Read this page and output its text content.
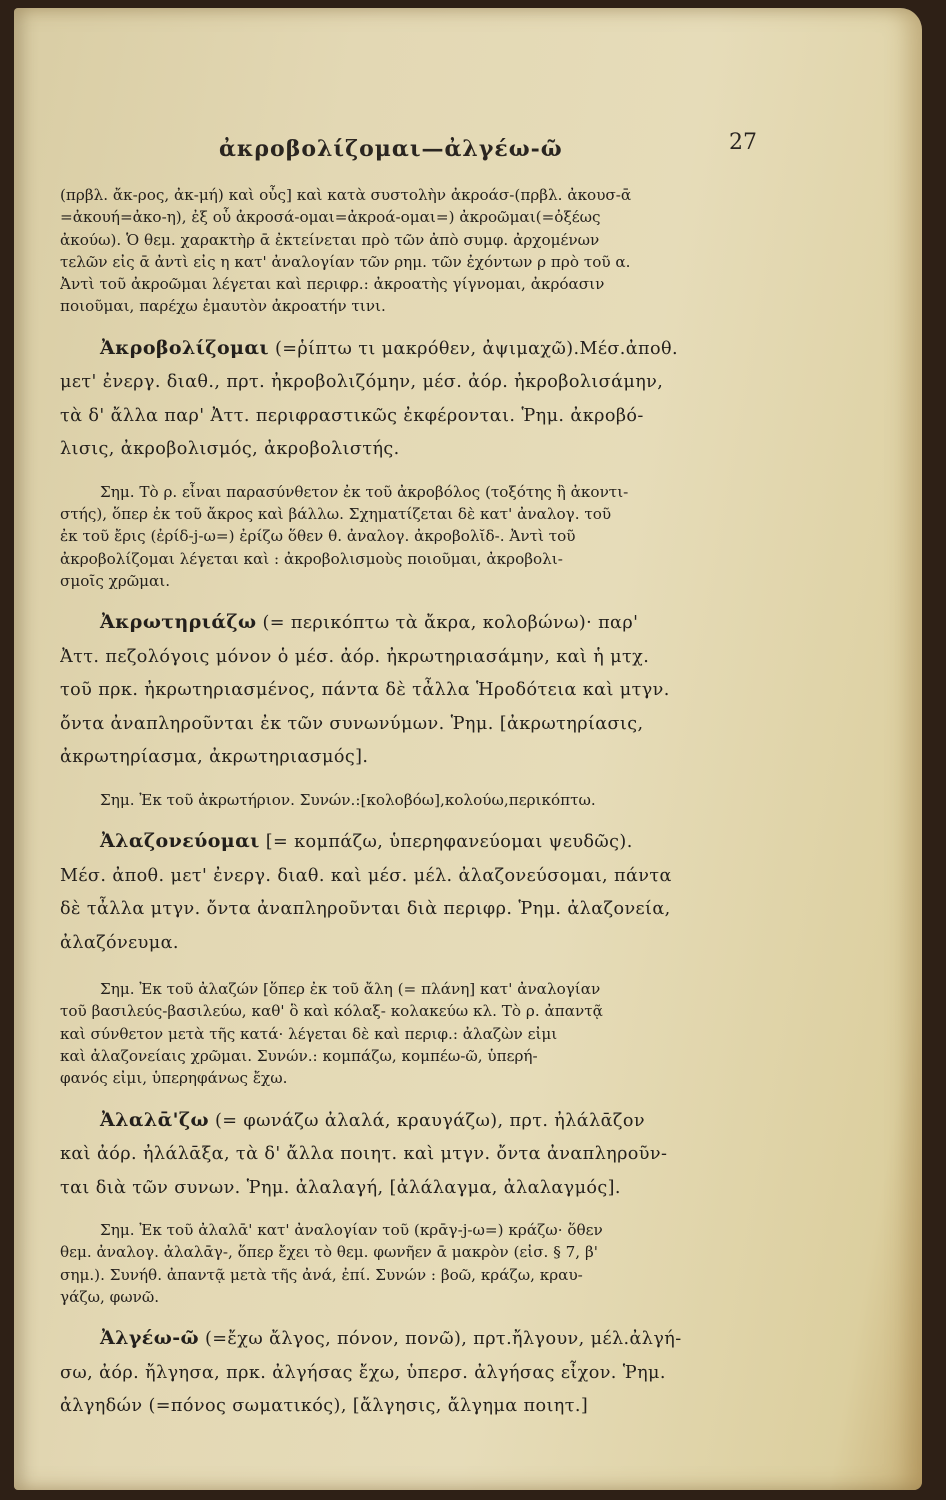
ἀκροβολίζομαι—ἀλγέω-ῶ	27
(πρβλ. ἄκ-ρος, ἀκ-μή) καὶ οὖς] καὶ κατὰ συστολὴν ἀκροάσ-(πρβλ. ἀκουσ-ᾱ
=ἀκουή=ἀκο-η), ἐξ οὗ ἀκροσά-ομαι=ἀκροά-ομαι=) ἀκροῶμαι(=ὀξέως
ἀκούω). Ὁ θεμ. χαρακτὴρ ᾱ ἐκτείνεται πρὸ τῶν ἀπὸ συμφ. ἀρχομένων
τελῶν εἰς ᾱ ἀντὶ εἰς η κατ' ἀναλογίαν τῶν ρημ. τῶν ἐχόντων ρ πρὸ τοῦ α.
Ἀντὶ τοῦ ἀκροῶμαι λέγεται καὶ περιφρ.: ἀκροατὴς γίγνομαι, ἀκρόασιν
ποιοῦμαι, παρέχω ἐμαυτὸν ἀκροατήν τινι.
Ἀκροβολίζομαι (=ῥίπτω τι μακρόθεν, ἀψιμαχῶ).Μέσ.ἀποθ.
μετ' ἐνεργ. διαθ., πρτ. ἠκροβολιζόμην, μέσ. ἀόρ. ἠκροβολισάμην,
τὰ δ' ἄλλα παρ' Ἀττ. περιφραστικῶς ἐκφέρονται. Ῥημ. ἀκροβό-
λισις, ἀκροβολισμός, ἀκροβολιστής.
Σημ. Τὸ ρ. εἶναι παρασύνθετον ἐκ τοῦ ἀκροβόλος (τοξότης ἢ ἀκοντι-
στής), ὅπερ ἐκ τοῦ ἄκρος καὶ βάλλω. Σχηματίζεται δὲ κατ' ἀναλογ. τοῦ
ἐκ τοῦ ἔρις (ἐρίδ-j-ω=) ἐρίζω ὅθεν θ. ἀναλογ. ἀκροβολῐδ-. Ἀντὶ τοῦ
ἀκροβολίζομαι λέγεται καὶ : ἀκροβολισμοὺς ποιοῦμαι, ἀκροβολι-
σμοῖς χρῶμαι.
Ἀκρωτηριάζω (= περικόπτω τὰ ἄκρα, κολοβώνω)· παρ'
Ἀττ. πεζολόγοις μόνον ὁ μέσ. ἀόρ. ἠκρωτηριασάμην, καὶ ἡ μτχ.
τοῦ πρκ. ἠκρωτηριασμένος, πάντα δὲ τἆλλα Ἡροδότεια καὶ μτγν.
ὄντα ἀναπληροῦνται ἐκ τῶν συνωνύμων. Ῥημ. [ἀκρωτηρίασις,
ἀκρωτηρίασμα, ἀκρωτηριασμός].
Σημ. Ἐκ τοῦ ἀκρωτήριον. Συνών.:[κολοβόω],κολούω,περικόπτω.
Ἀλαζονεύομαι [= κομπάζω, ὑπερηφανεύομαι ψευδῶς).
Μέσ. ἀποθ. μετ' ἐνεργ. διαθ. καὶ μέσ. μέλ. ἀλαζονεύσομαι, πάντα
δὲ τἆλλα μτγν. ὄντα ἀναπληροῦνται διὰ περιφρ. Ῥημ. ἀλαζονεία,
ἀλαζόνευμα.
Σημ. Ἐκ τοῦ ἀλαζών [ὅπερ ἐκ τοῦ ἄλη (= πλάνη] κατ' ἀναλογίαν
τοῦ βασιλεύς-βασιλεύω, καθ' ὃ καὶ κόλαξ- κολακεύω κλ. Τὸ ρ. ἀπαντᾷ
καὶ σύνθετον μετὰ τῆς κατά· λέγεται δὲ καὶ περιφ.: ἀλαζὼν εἰμι
καὶ ἀλαζονείαις χρῶμαι. Συνών.: κομπάζω, κομπέω-ῶ, ὑπερή-
φανός εἰμι, ὑπερηφάνως ἔχω.
Ἀλαλᾱ'ζω (= φωνάζω ἀλαλά, κραυγάζω), πρτ. ἠλάλᾱζον
καὶ ἀόρ. ἠλάλᾱξα, τὰ δ' ἄλλα ποιητ. καὶ μτγν. ὄντα ἀναπληροῦν-
ται διὰ τῶν συνων. Ῥημ. ἀλαλαγή, [ἀλάλαγμα, ἀλαλαγμός].
Σημ. Ἐκ τοῦ ἀλαλᾱ' κατ' ἀναλογίαν τοῦ (κρᾱγ-j-ω=) κράζω· ὅθεν
θεμ. ἀναλογ. ἀλαλᾱγ-, ὅπερ ἔχει τὸ θεμ. φωνῆεν ᾱ μακρὸν (εἰσ. § 7, β'
σημ.). Συνήθ. ἀπαντᾷ μετὰ τῆς ἀνά, ἐπί. Συνών : βοῶ, κράζω, κραυ-
γάζω, φωνῶ.
Ἀλγέω-ῶ (=ἔχω ἄλγος, πόνον, πονῶ), πρτ.ἤλγουν, μέλ.ἀλγή-
σω, ἀόρ. ἤλγησα, πρκ. ἀλγήσας ἔχω, ὑπερσ. ἀλγήσας εἶχον. Ῥημ.
ἀλγηδών (=πόνος σωματικός), [ἄλγησις, ἄλγημα ποιητ.]
